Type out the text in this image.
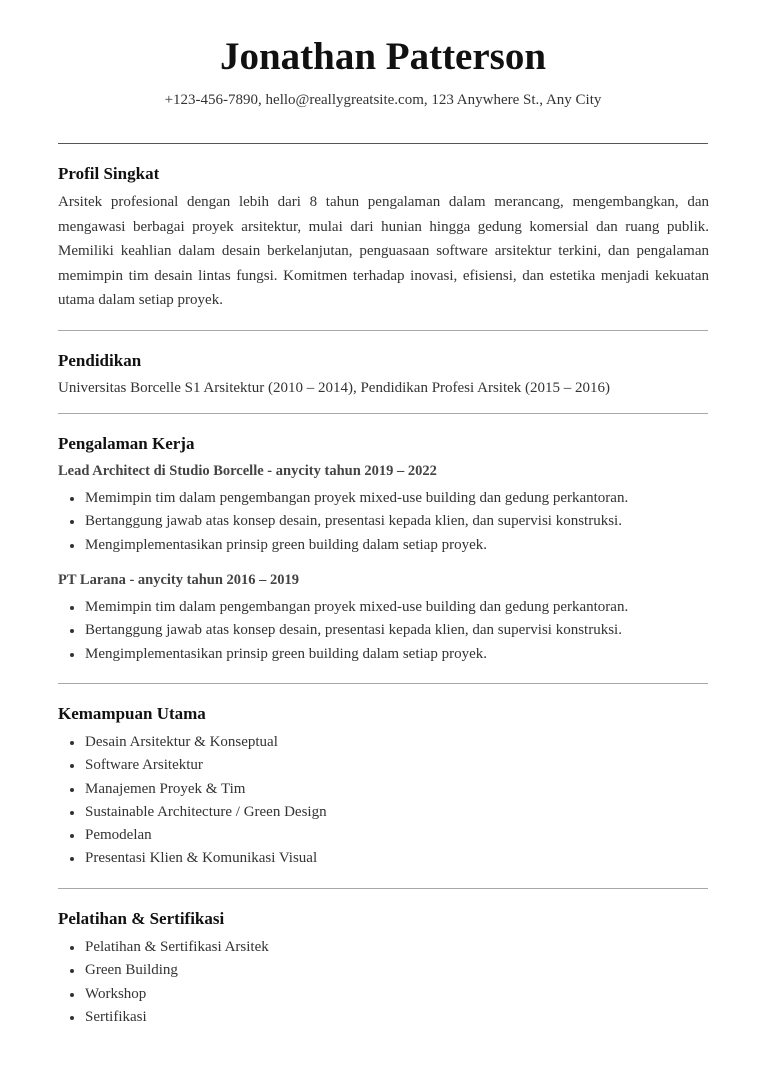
Jonathan Patterson
+123-456-7890, hello@reallygreatsite.com, 123 Anywhere St., Any City
Profil Singkat
Arsitek profesional dengan lebih dari 8 tahun pengalaman dalam merancang, mengembangkan, dan mengawasi berbagai proyek arsitektur, mulai dari hunian hingga gedung komersial dan ruang publik. Memiliki keahlian dalam desain berkelanjutan, penguasaan software arsitektur terkini, dan pengalaman memimpin tim desain lintas fungsi. Komitmen terhadap inovasi, efisiensi, dan estetika menjadi kekuatan utama dalam setiap proyek.
Pendidikan
Universitas Borcelle S1 Arsitektur (2010 – 2014), Pendidikan Profesi Arsitek (2015 – 2016)
Pengalaman Kerja
Lead Architect di Studio Borcelle - anycity tahun 2019 – 2022
Memimpin tim dalam pengembangan proyek mixed-use building dan gedung perkantoran.
Bertanggung jawab atas konsep desain, presentasi kepada klien, dan supervisi konstruksi.
Mengimplementasikan prinsip green building dalam setiap proyek.
PT Larana - anycity tahun 2016 – 2019
Memimpin tim dalam pengembangan proyek mixed-use building dan gedung perkantoran.
Bertanggung jawab atas konsep desain, presentasi kepada klien, dan supervisi konstruksi.
Mengimplementasikan prinsip green building dalam setiap proyek.
Kemampuan Utama
Desain Arsitektur & Konseptual
Software Arsitektur
Manajemen Proyek & Tim
Sustainable Architecture / Green Design
Pemodelan
Presentasi Klien & Komunikasi Visual
Pelatihan & Sertifikasi
Pelatihan & Sertifikasi Arsitek
Green Building
Workshop
Sertifikasi
